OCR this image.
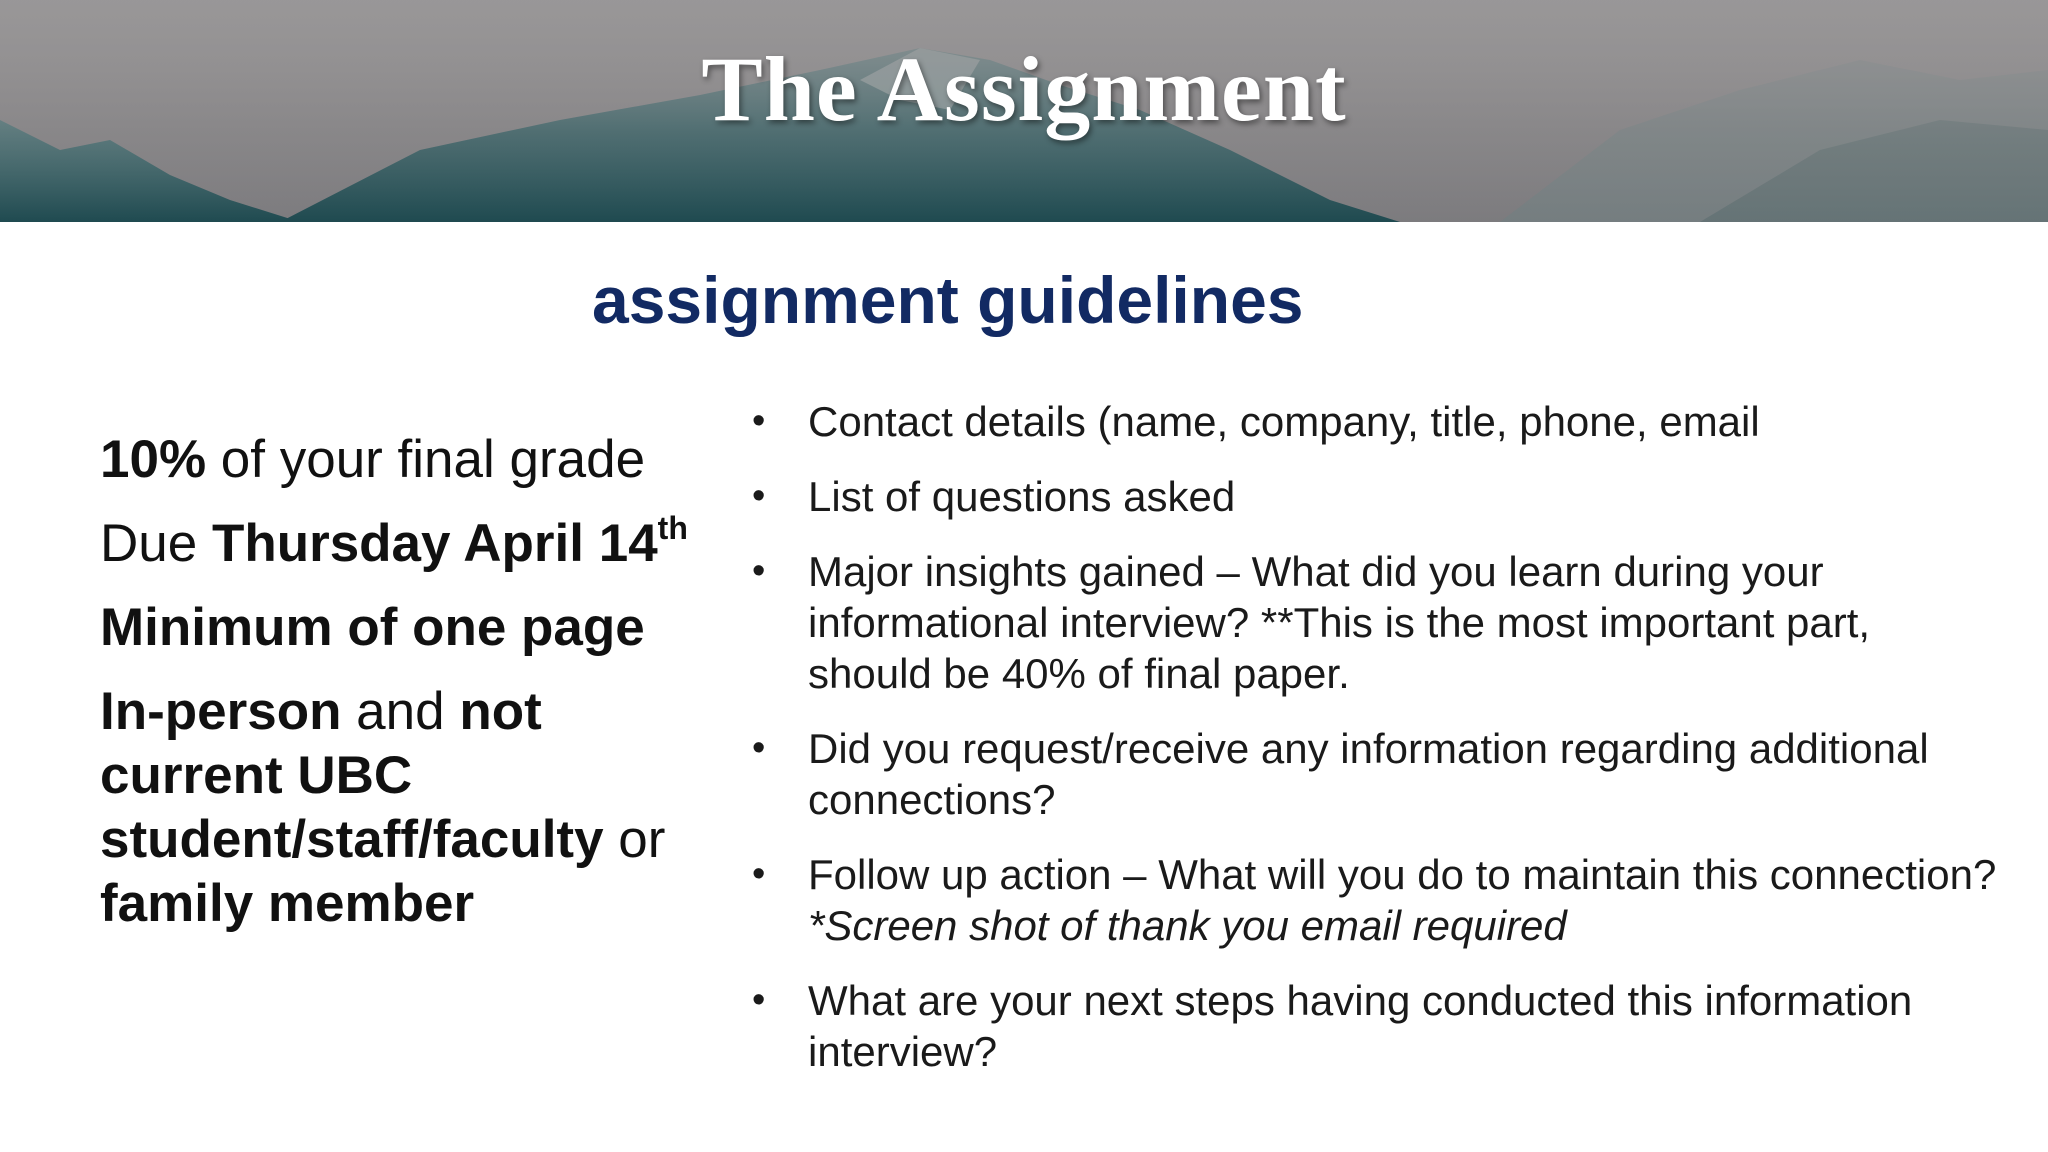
The Assignment
assignment guidelines

10% of your final grade

Due Thursday April 14th

Minimum of one page

In-person and not current UBC student/staff/faculty or family member

• Contact details (name, company, title, phone, email
• List of questions asked
• Major insights gained – What did you learn during your informational interview? **This is the most important part, should be 40% of final paper.
• Did you request/receive any information regarding additional connections?
• Follow up action – What will you do to maintain this connection? *Screen shot of thank you email required
• What are your next steps having conducted this information interview?
